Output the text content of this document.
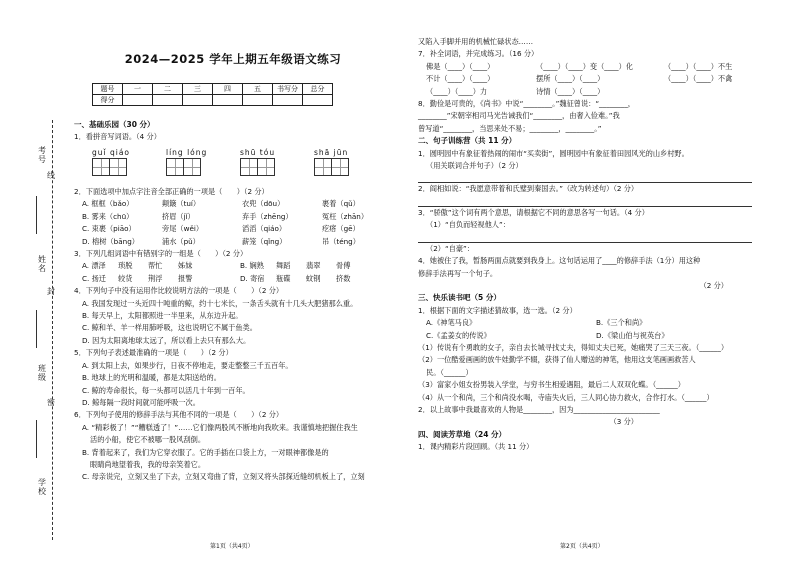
考号
线
姓名
封
班级
密
学校
2024—2025 学年上期五年级语文练习
题号	一	二	三	四	五	书写分	总分
得分							
一、基础乐园（30 分）
1．看拼音写词语。（4 分）
guǐ qiáo	líng lóng	shū tóu	shā jūn
2．下面选项中加点字注音全部正确的一项是（　　）（2 分）
A. 框框（bǎo）	颠簸（tuí）	衣兜（dōu）	裹着（qǔ）
B. 雾来（chū）	挤眉（jǐ）	弃手（zhēng）	冤枉（zhān）
C. 束裹（piāo）	旁尾（wěi）	滔滔（qiáo）	疙瘩（gē）
D. 榕树（bāng）	浦水（pǔ）	薪笼（qǐng）	吊（téng）
3．下列几组词语中有错别字的一组是（　　）（2 分）
A. 漂泽 琐脱 帮忙 姊妹	B. 娴熟 舞蹈 翡翠 骨傅
C. 扬迁 较货 荆浮 报警	D. 寄宿 瓶碟 蚊钢 挤数
4．下列句子中没有运用作比较说明方法的一项是（　　）（2 分）
A. 我国发现过一头近四十吨重的鲸，约十七米长，一条舌头就有十几头大肥猪那么重。
B. 每天早上，太阳都照进一半里来，从东边升起。
C. 鲸和羊、羊一样用肺呼吸，这也说明它不属于鱼类。
D. 因为太阳离地球太远了，所以看上去只有那么大。
5．下列句子表述最准确的一项是（　　）（2 分）
A. 到太阳上去，如果步行，日夜不停地走，要走整整三千五百年。
B. 地球上的光明和温暖，都是太阳送给的。
C. 鲸的寿命很长，每一头都可以活几十年到一百年。
D. 鲸每隔一段时间就可能呼吸一次。
6．下列句子使用的修辞手法与其他不同的一项是（　　）（2 分）
A. “精彩极了！”“糟糕透了！”……它们像两股风不断地向我吹来。我谨慎地把握住我生
活的小船，使它不被哪一股风刮倒。
B. 背着起来了，我们为它穿衣服了。它的手插在口袋上方，一对眼神都像是的
眼睛尚地望着我，我的母亲笑着它。
C. 母亲说完，立刻又坐了下去，立刻又弯曲了背，立刻又将头部探近缝纫机板上了，立刻
第1页（共4页）
又陷入手脚并用的机械忙碌状态……
7．补全词语，并完成练习。（16 分）
佛是（____）（____）	（____）（____）变（____）化	（____）（____）不生
不计（____）（____）	摆所（____）（____）	（____）（____）不禽
（____）（____）力	诗情（____）（____）
8．勤俭是可贵的，《尚书》中说“________。”魏征曾说：“________，
________”宋朝宰相司马光告诫我们“________，由奢入俭难。”我
曾写道“________，当思来处不易；________，________。”
二、句子训练营（共 11 分）
1．圆明园中有象征着热闹的闹市“买卖街”，圆明园中有象征着田园风光的山乡村野。
（用关联词合并句子）（2 分）
2．阎相如说：“我愿意带着和氏璧到秦国去。”（改为转述句）（2 分）
3．“骄傲”这个词有两个意思，请根据它不同的意思各写一句话。（4 分）
（1）“自负而轻视他人”：
（2）“自豪”：
4．她被住了我，暂肠两面点就要到我身上。这句话运用了____的修辞手法（1分）用这种
修辞手法再写一个句子。
（2 分）
三、快乐读书吧（5 分）
1．根据下面的文字描述猜故事，选一选。（2 分）
A.《神笔马良》	B.《三个和尚》
C.《孟姜女的传说》	D.《梁山伯与祝英台》
（1）传说有个勇敢的女子，亲自去长城寻找丈夫，得知丈夫已死，她痛哭了三天三夜。（______）
（2）一位酷爱画画的放牛娃勤学不辍，获得了仙人赠送的神笔，他用这支笔画画救苦人
民。（______）
（3）富家小姐女扮男装入学堂，与穷书生相爱遇阻，最后二人双双化蝶。（______）
（4）从一个和尚，三个和尚没水喝，寺庙失火后，三人同心协力救火，合作打水。（______）
2．以上故事中我最喜欢的人物是________，因为________________________
（3 分）
四、阅读芳草地（24 分）
1．课内精彩片段回顾。（共 11 分）
第2页（共4页）
